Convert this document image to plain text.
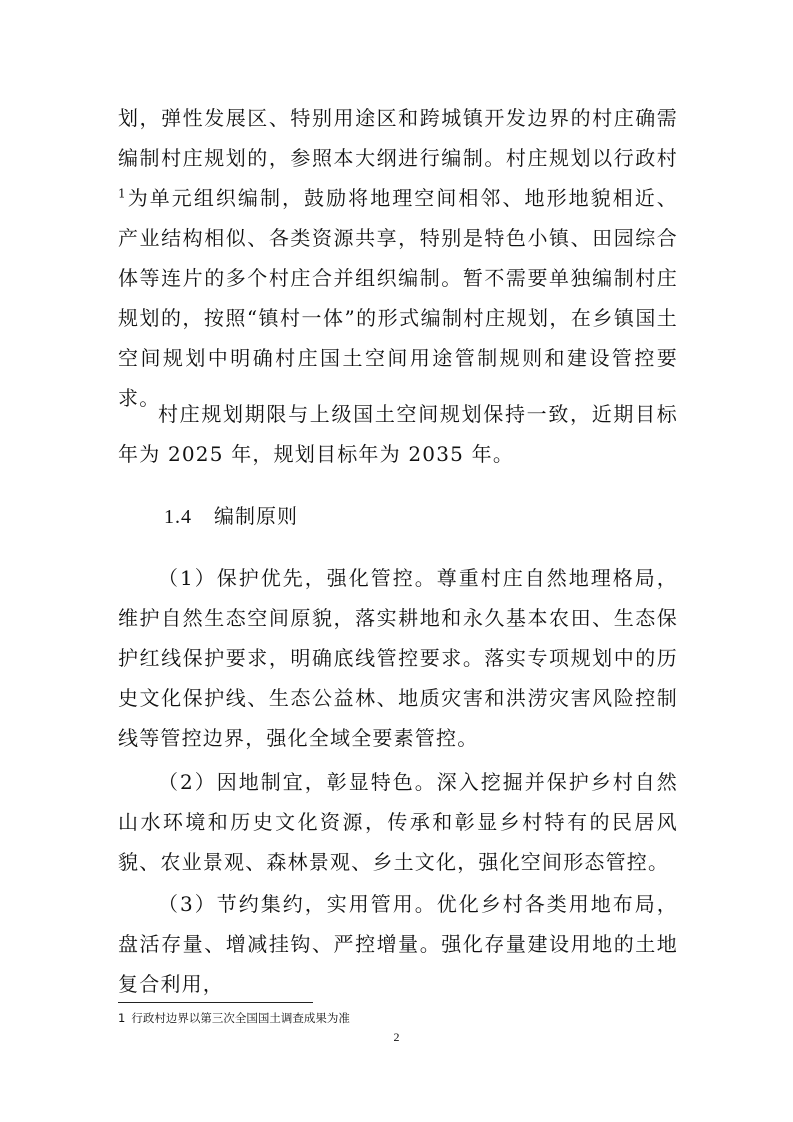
划，弹性发展区、特别用途区和跨城镇开发边界的村庄确需编制村庄规划的，参照本大纲进行编制。村庄规划以行政村$^1$为单元组织编制，鼓励将地理空间相邻、地形地貌相近、产业结构相似、各类资源共享，特别是特色小镇、田园综合体等连片的多个村庄合并组织编制。暂不需要单独编制村庄规划的，按照“镇村一体”的形式编制村庄规划，在乡镇国土空间规划中明确村庄国土空间用途管制规则和建设管控要求。

村庄规划期限与上级国土空间规划保持一致，近期目标年为 2025 年，规划目标年为 2035 年。

1.4 编制原则

（1）保护优先，强化管控。尊重村庄自然地理格局，维护自然生态空间原貌，落实耕地和永久基本农田、生态保护红线保护要求，明确底线管控要求。落实专项规划中的历史文化保护线、生态公益林、地质灾害和洪涝灾害风险控制线等管控边界，强化全域全要素管控。

（2）因地制宜，彰显特色。深入挖掘并保护乡村自然山水环境和历史文化资源，传承和彰显乡村特有的民居风貌、农业景观、森林景观、乡土文化，强化空间形态管控。

（3）节约集约，实用管用。优化乡村各类用地布局，盘活存量、增减挂钩、严控增量。强化存量建设用地的土地复合利用，

1 行政村边界以第三次全国国土调查成果为准
2
